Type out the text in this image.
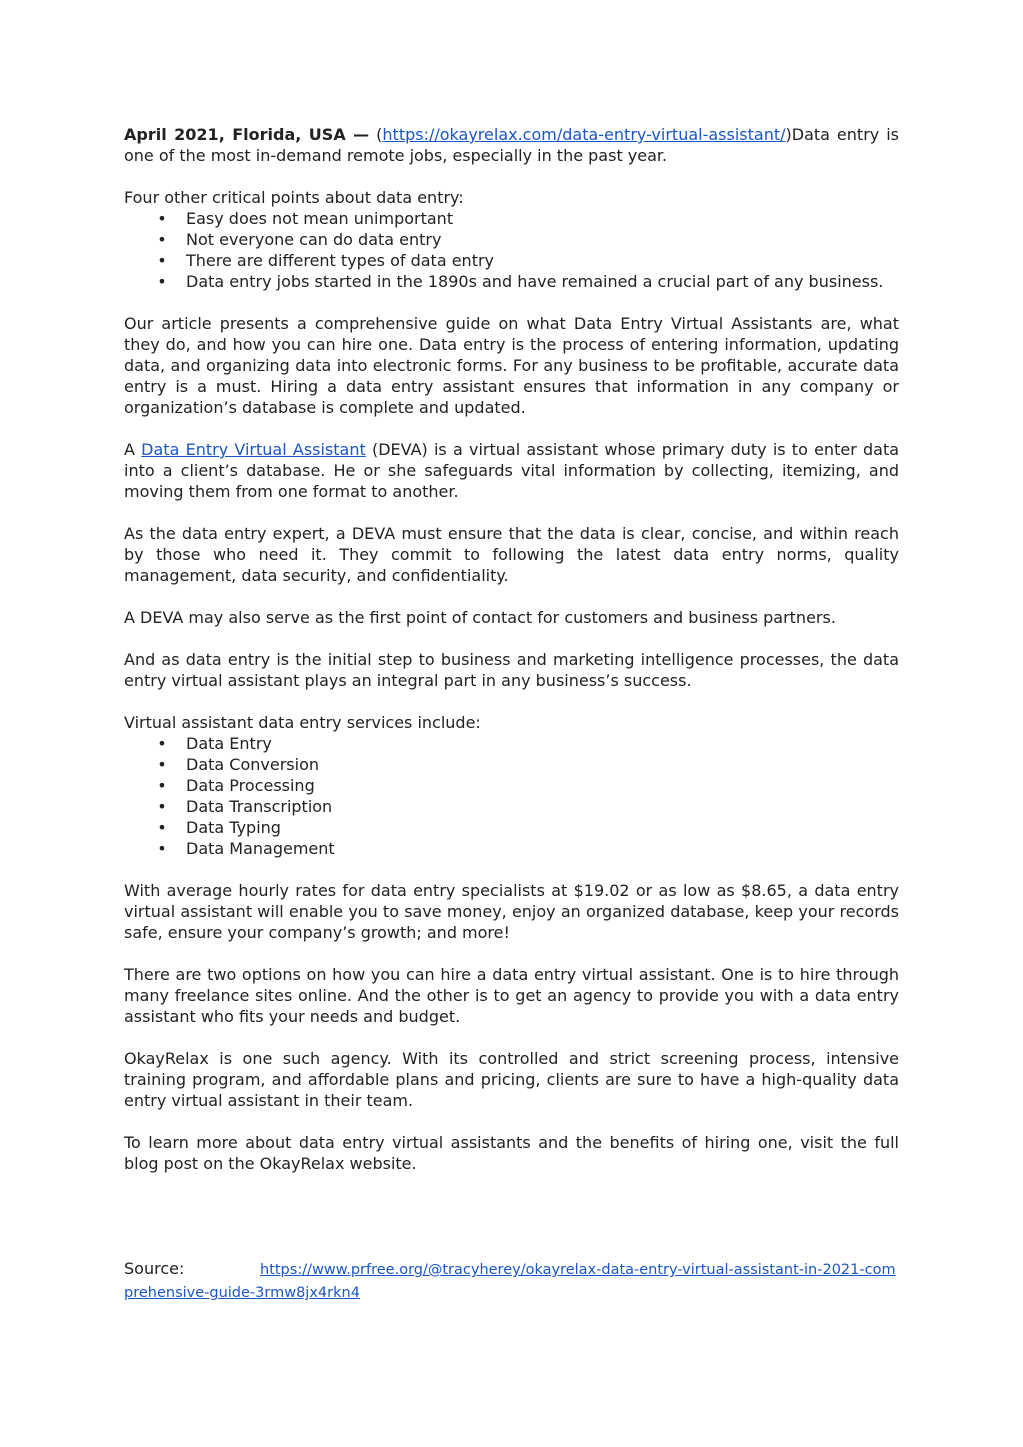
April 2021, Florida, USA — (https://okayrelax.com/data-entry-virtual-assistant/)Data entry is one of the most in-demand remote jobs, especially in the past year.

Four other critical points about data entry:

• Easy does not mean unimportant
• Not everyone can do data entry
• There are different types of data entry
• Data entry jobs started in the 1890s and have remained a crucial part of any business.

Our article presents a comprehensive guide on what Data Entry Virtual Assistants are, what they do, and how you can hire one. Data entry is the process of entering information, updating data, and organizing data into electronic forms. For any business to be profitable, accurate data entry is a must. Hiring a data entry assistant ensures that information in any company or organization’s database is complete and updated.

A Data Entry Virtual Assistant (DEVA) is a virtual assistant whose primary duty is to enter data into a client’s database. He or she safeguards vital information by collecting, itemizing, and moving them from one format to another.

As the data entry expert, a DEVA must ensure that the data is clear, concise, and within reach by those who need it. They commit to following the latest data entry norms, quality management, data security, and confidentiality.

A DEVA may also serve as the first point of contact for customers and business partners.

And as data entry is the initial step to business and marketing intelligence processes, the data entry virtual assistant plays an integral part in any business’s success.

Virtual assistant data entry services include:

• Data Entry
• Data Conversion
• Data Processing
• Data Transcription
• Data Typing
• Data Management

With average hourly rates for data entry specialists at $19.02 or as low as $8.65, a data entry virtual assistant will enable you to save money, enjoy an organized database, keep your records safe, ensure your company’s growth; and more!

There are two options on how you can hire a data entry virtual assistant. One is to hire through many freelance sites online. And the other is to get an agency to provide you with a data entry assistant who fits your needs and budget.

OkayRelax is one such agency. With its controlled and strict screening process, intensive training program, and affordable plans and pricing, clients are sure to have a high-quality data entry virtual assistant in their team.

To learn more about data entry virtual assistants and the benefits of hiring one, visit the full blog post on the OkayRelax website.

Source:	https://www.prfree.org/@tracyherey/okayrelax-data-entry-virtual-assistant-in-2021-comprehensive-guide-3rmw8jx4rkn4
